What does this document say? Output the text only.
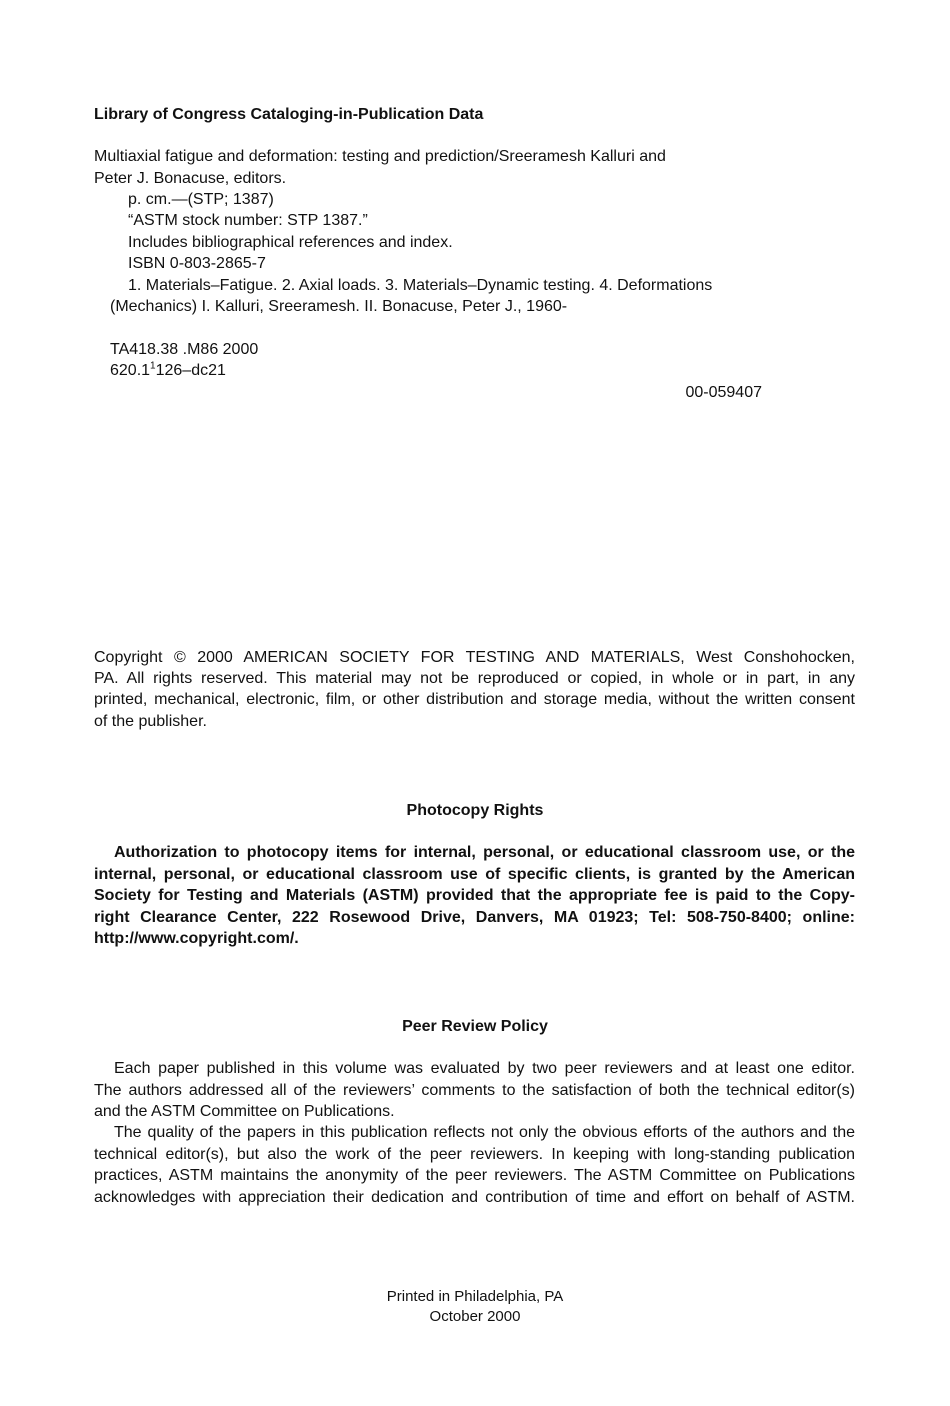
Library of Congress Cataloging-in-Publication Data
Multiaxial fatigue and deformation: testing and prediction/Sreeramesh Kalluri and
Peter J. Bonacuse, editors.
p. cm.—(STP; 1387)
“ASTM stock number: STP 1387.”
Includes bibliographical references and index.
ISBN 0-803-2865-7
1. Materials–Fatigue. 2. Axial loads. 3. Materials–Dynamic testing. 4. Deformations
(Mechanics) I. Kalluri, Sreeramesh. II. Bonacuse, Peter J., 1960-
TA418.38 .M86 2000
620.1$^1$126–dc21
00-059407
Copyright © 2000 AMERICAN SOCIETY FOR TESTING AND MATERIALS, West Conshohocken,
PA. All rights reserved. This material may not be reproduced or copied, in whole or in part, in any
printed, mechanical, electronic, film, or other distribution and storage media, without the written consent
of the publisher.
Photocopy Rights
Authorization to photocopy items for internal, personal, or educational classroom use, or the
internal, personal, or educational classroom use of specific clients, is granted by the American
Society for Testing and Materials (ASTM) provided that the appropriate fee is paid to the Copy-
right Clearance Center, 222 Rosewood Drive, Danvers, MA 01923; Tel: 508-750-8400; online:
http://www.copyright.com/.
Peer Review Policy
Each paper published in this volume was evaluated by two peer reviewers and at least one editor.
The authors addressed all of the reviewers’ comments to the satisfaction of both the technical editor(s)
and the ASTM Committee on Publications.
The quality of the papers in this publication reflects not only the obvious efforts of the authors and the
technical editor(s), but also the work of the peer reviewers. In keeping with long-standing publication
practices, ASTM maintains the anonymity of the peer reviewers. The ASTM Committee on Publications
acknowledges with appreciation their dedication and contribution of time and effort on behalf of ASTM.
Printed in Philadelphia, PA
October 2000
